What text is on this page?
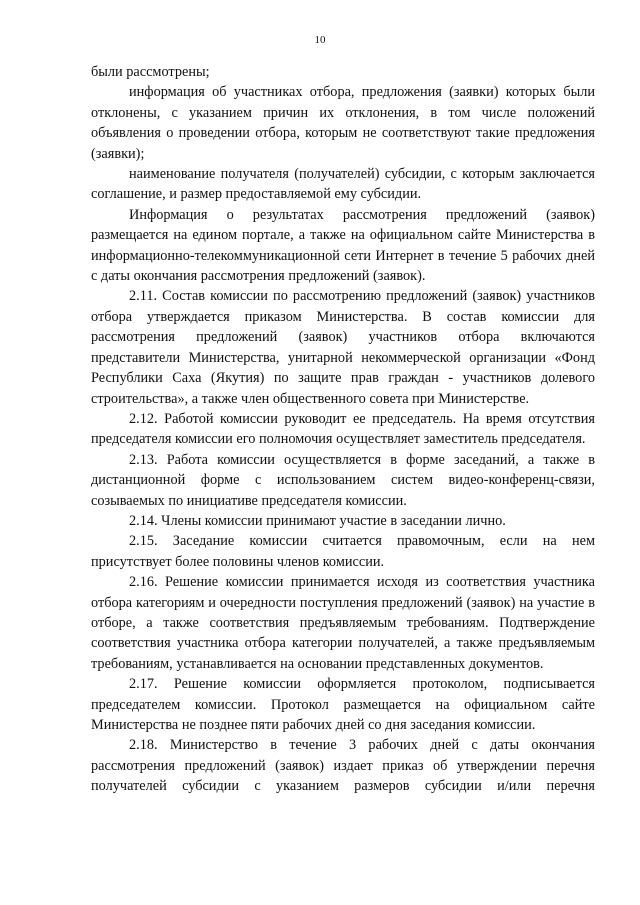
10

были рассмотрены;

информация об участниках отбора, предложения (заявки) которых были отклонены, с указанием причин их отклонения, в том числе положений объявления о проведении отбора, которым не соответствуют такие предложения (заявки);

наименование получателя (получателей) субсидии, с которым заключается соглашение, и размер предоставляемой ему субсидии.

Информация о результатах рассмотрения предложений (заявок) размещается на едином портале, а также на официальном сайте Министерства в информационно-телекоммуникационной сети Интернет в течение 5 рабочих дней с даты окончания рассмотрения предложений (заявок).

2.11. Состав комиссии по рассмотрению предложений (заявок) участников отбора утверждается приказом Министерства. В состав комиссии для рассмотрения предложений (заявок) участников отбора включаются представители Министерства, унитарной некоммерческой организации «Фонд Республики Саха (Якутия) по защите прав граждан - участников долевого строительства», а также член общественного совета при Министерстве.

2.12. Работой комиссии руководит ее председатель. На время отсутствия председателя комиссии его полномочия осуществляет заместитель председателя.

2.13. Работа комиссии осуществляется в форме заседаний, а также в дистанционной форме с использованием систем видео-конференц-связи, созываемых по инициативе председателя комиссии.

2.14. Члены комиссии принимают участие в заседании лично.

2.15. Заседание комиссии считается правомочным, если на нем присутствует более половины членов комиссии.

2.16. Решение комиссии принимается исходя из соответствия участника отбора категориям и очередности поступления предложений (заявок) на участие в отборе, а также соответствия предъявляемым требованиям. Подтверждение соответствия участника отбора категории получателей, а также предъявляемым требованиям, устанавливается на основании представленных документов.

2.17. Решение комиссии оформляется протоколом, подписывается председателем комиссии. Протокол размещается на официальном сайте Министерства не позднее пяти рабочих дней со дня заседания комиссии.

2.18. Министерство в течение 3 рабочих дней с даты окончания рассмотрения предложений (заявок) издает приказ об утверждении перечня получателей субсидии с указанием размеров субсидии и/или перечня
